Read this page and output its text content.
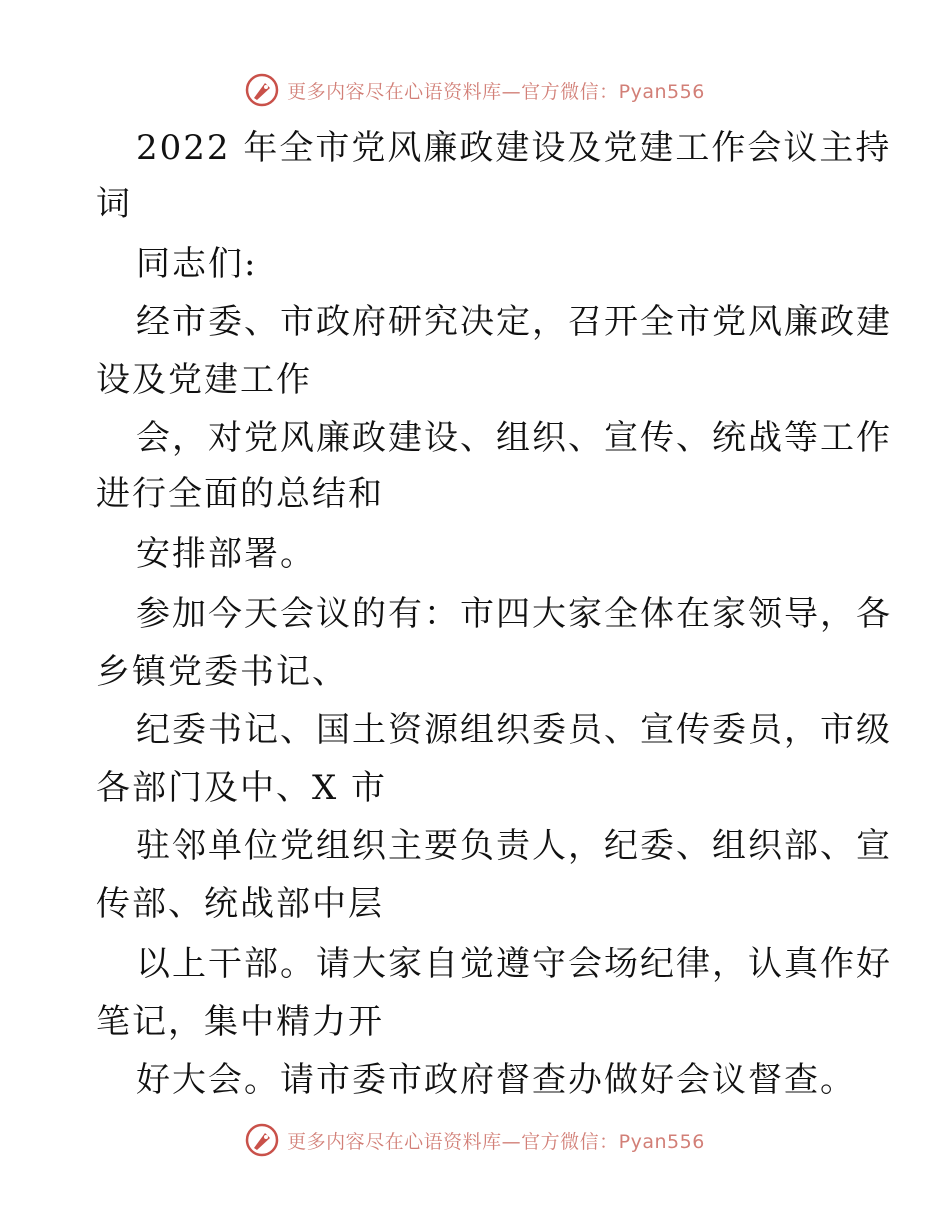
更多内容尽在心语资料库—官方微信：Pyan556
2022 年全市党风廉政建设及党建工作会议主持
词
同志们:
经市委、市政府研究决定，召开全市党风廉政建
设及党建工作
会，对党风廉政建设、组织、宣传、统战等工作
进行全面的总结和
安排部署。
参加今天会议的有：市四大家全体在家领导，各
乡镇党委书记、
纪委书记、国土资源组织委员、宣传委员，市级
各部门及中、X 市
驻邻单位党组织主要负责人，纪委、组织部、宣
传部、统战部中层
以上干部。请大家自觉遵守会场纪律，认真作好
笔记，集中精力开
好大会。请市委市政府督查办做好会议督查。
更多内容尽在心语资料库—官方微信：Pyan556
